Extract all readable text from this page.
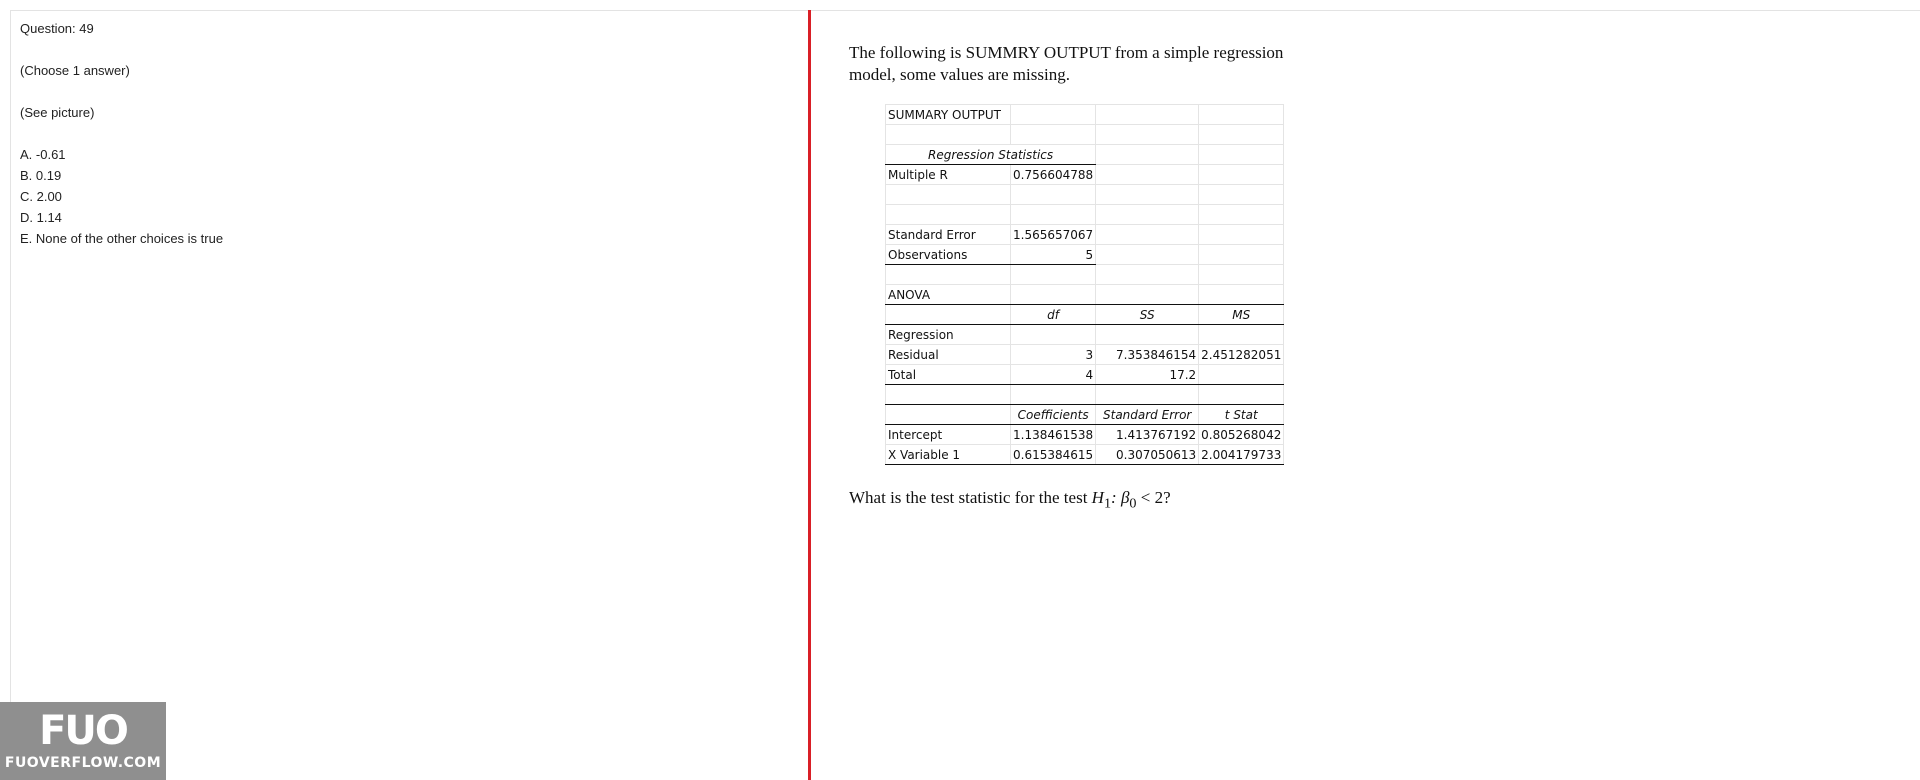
Question: 49
(Choose 1 answer)
(See picture)
A. -0.61
B. 0.19
C. 2.00
D. 1.14
E. None of the other choices is true
The following is SUMMRY OUTPUT from a simple regression
model, some values are missing.
SUMMARY OUTPUT			

Regression Statistics			
Multiple R	0.756604788		

Standard Error	1.565657067		
Observations	5		

ANOVA			
	df	SS	MS
Regression			
Residual	3	7.353846154	2.451282051
Total	4	17.2	

	Coefficients	Standard Error	t Stat
Intercept	1.138461538	1.413767192	0.805268042
X Variable 1	0.615384615	0.307050613	2.004179733
What is the test statistic for the test $H_1$: $\beta_0 < 2$?
FUO
FUOVERFLOW.COM
